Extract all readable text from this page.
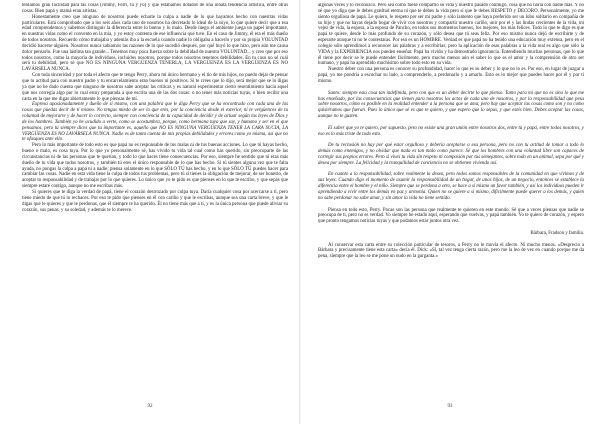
tenIamos gran facilidad para las cosas (Jimmy, Ferri, tú y yo) y que estábamos dotados de una innata tendencia artística, entre otras cosas. Bien papá y mamá eran artistas.

Honestamente creo que ninguno de nosotros puede echarle la culpa a nadie de lo que hayamos hecho con nuestras vidas particulares. Está comprobado que a los seis años cada uno de nosotros ha decretado lo ideal de la suyo, lo que quiere decir que a esa edad comprendemos y sabemos distinguir la diferencia entre lo bueno y lo malo. Desde luego el ambiente juega un papel importante, en nuestras vidas como el convento en la mía, y yo estoy contenta de ese influencia que tuve. En el caso de Jimmy, él era el más dueño de todos nosotros. Recuerdo cómo trabajaba y además iba a la escuela cuando nadie lo obligaba a hacerlo y por su propia VOLUNTAD decidió hacerse alguien. Nosotros nunca sabíamos las razones de lo que sucedió después, por qué huyó lo que hizo, pero aún me causa dolor pensarlo. Fue una lástima tan grande... Tenemos muy poca fuerza sobre la debilidad de nuestra VOLUNTAD... y creo que por eso todos nosotros, como la mayoría de individuos, incluidos nosotros, porque todos nosotros tenemos debilidades. En tu caso no sé cuál será tu debilidad, pero sé que NO ES NINGUNA VERGÜENZA TENERLA, LA VERGÜENZA ES LA VERGÜENZA ES NO LAVÁRSELA NUNCA.

Con toda sinceridad y por toda el afecto que te tengo Perry, ahora mi único hermano y el tío de mis hijos, no puedo dejar de pensar que tu actitud para con nuestro padre y tu encarcelamiento eran buenos ni positivos. Si te crees que lo dijo, será mejor que se lo digas ya que no he dado cuenta que ninguno de nosotros sabe aceptar las críticas y es natural experimentar cierto resentimiento hacia aquel que nos corregía algo por lo cual estoy preparada a que escrita una de las dos cosas: o no tener más noticias tuyas, o bien recibir una carta en la que me digas abiertamente lo que piensas de mí.

Expresa apasionadamente y dueño de sí mismo, con una palabra que le diga Perry que se ha encontrado con cada una de las cosas que puedas decir de ti mismo. No tengas miedo de ser lo que eres, por la conciencia desde el exterior, ni te vergüences de tu voluntad de mejorarte y de hacer lo correcto, siempre con conciencia de tu capacidad de decidir y de actuar según las leyes de Dios y de los hombres. También yo he acudido a verte, como se acostumbra, porque, como hermana tuya que soy, y humano y ser en el que pensamos, pero tú siempre dices que tu importante es, aquello que NO ES NINGUNA VERGÜENZA TENER LA CARA SUCIA, LA VERGÜENZA ES NO LAVÁRSELA NUNCA. Nadie es de tanta cuenta de mis propias debilidades y errores como yo misma, así que no te ofusques ante ello.

Pero lo más importante de todo esto es que papá no es responsable de tus malas ni de tus buenas acciones. Lo que tú hayas hecho, bueno o malo, es cosa tuya. Por lo que yo personalmente sé, has vivido tu vida tal cual como has querido, sin preocuparte de las circunstancias ni de las personas que te querían, y todo lo que haces tiene consecuencias. Por eso, siempre he sentido que tú eras más dueño de tu vida que todos nosotros, y también tú eres el único responsable de lo que has hecho. Si tú sientes alguna vez que te falta ayuda, no pongas la culpa a papá ni a nadie; piensa solamente en lo que SÓLO TÚ has hecho, y en lo que SÓLO TÚ puedes hacer para cambiar las cosas. Nadie en esta vida tiene la culpa de todos tus problemas, pero tú sí tienes la obligación de mejorar, de ser honesto, de aceptar tu responsabilidad y de trabajar por lo que quieres. Lo único que yo te pido es que pienses en lo que te escribo, y que sepas que siempre estaré contigo, aunque no me escribas más.

Si quieres que te diga la verdad de papá, tiene el corazón destrozado por culpa tuya. Daría cualquier cosa por acercarse a ti, pero tiene miedo de que tú lo rechaces. Por eso te pido que pienses en él con cariño y que le escribas, aunque sea una carta breve, y que le digas que le quieres y que le perdonas, que él siempre te ha querido. Él no tiene más que a ti, y es la única persona que puede aliviar su corazón, sus penas, y su soledad, y además te lo merece.

92

algunas veces y lo reconozco. Pero sea como fuese compartió su vida y nuestro pasado conmigo, cosa que no haría con nadie más. Y no sé que yo diga que le debes gratitud eterna ni que te debes la vida pero sí que le debes RESPETO y DECORO. Personalmente, yo me siento orgullosa de papá. Le quiero, le respeto por ser mi padre y sólo lamento que haya preferido ser un lobo solitario en compañía de su hijo y que no hayas dejado hogar de vivir con nosotros y compartir nuestro cariño, unir por el y las lindas crecientes de la vida, mi vejez de vida, la esposa, a la esposa de Pancho, en todos sus momentos buenos, los mejores, los más felices. Todo lo que te digo es que papá te quiere, desde lo más profundo de su corazón, y sólo desea que tú seas feliz. Por eso mismo nunca dejó de escribirte y de esperarte aunque tú no le contestaras. Por eso es un HOMBRE. Verdad es que papá no ha tenido una educación muy extensa, pero en el colegio sólo aprendimos a reconocer las palabras y a escribirlas; pero la aplicación de esas palabras a la vida real es algo que sólo la VIDA y la EXPERIENCIA nos pueden enseñar. Papá ha vivido y ha demostrado ignorancia. Entendiendo muchas personas, que lo que él tiene por decir se le puede entender fácilmente, pero mucho menos aún el saber lo que es el amor y la comprensión de otro ser humano, y papá ha aprendido muchísimo sobre todo esto en su vida.

Nuestro deber con una persona es conocer su profundidad, hacer lo que es su deber y lo que no lo es. Por eso, en lugar de juzgar a papá, yo me pondría a escuchar su lado, a comprenderlo, a perdonarlo y a amarlo. Esto es lo mejor que puedes hacer por él y por ti mismo.

Santo: siempre esta cosa tan indefinida, pero con que es un deber decirte lo que pienso. Tanto para mí que no es sino lo que me has enseñado, por las consecuencias que tienen para nosotros los actos de cada uno de nosotros, y por la responsabilidad que pesa sobre nosotros, cómo es posible en la realidad entender a la persona que se ama, pero hay que aceptar las cosas como son y no como quisiéramos que fueran. Pues lo único que sé es que te quiero, y que espero que lo sepas, y que estés bien. Debes aceptar las cosas, aunque no te gusten.

El saber que yo te quiero, por supuesto, pero no existe una gran unión entre nosotros dos, entre tú y papá, entre todos nosotros, y eso es lo más triste de todo esto.

De tu reclusión no hay por qué estar orgulloso y debería aceptarse a esa persona, pero no con tu actitud de tomar a todo lo demás como enemigos, y no olvidar que nada es tan malo como parece. Sé que los hombres con una voluntad libre son capaces de corregir sus propios errores. Pero si vives tu vida sin respeto ni compasión por tus semejantes, sobre todo en un animal, sepa por qué y desea por siempre. La felicidad y la tranquilidad de conciencia no se obtienen viviendo así.

En cuanto a la responsabilidad, sobre realmente la desea, pero todos somos responsables de la comunidad en que vivimos y de sus leyes. Cuando digo el momento de asumir la responsabilidad de un hogar, de unos hijos, de un negocio, entonces se establece la diferencia entre el hombre y el niño. Siempre que se perdona a otro, se hace a sí mismo un favor también, y así los individuos pueden ir aprendiendo a vivir entre los demás en paz y armonía. Quien no se quiere a sí mismo, difícilmente puede querer a los demás, y quien no sabe perdonar no sabe amar, y sin amor la vida no tiene sentido.

Piensa en todo esto, Perry. Pocas son las persona que realmente te quieren en este mundo. Sé que a veces piensas que nadie se preocupa de ti, pero no es verdad. Yo siempre he estado aquí, esperando que vuelvas, y papá también. Yo te quiero de corazón, y espero que pronto tengamos noticias tuyas y que podamos estar juntos otra vez.

Bárbara, Fradson y familia.

Al conservar esta carta entre su colección particular de tesoros, a Perry no le movía el afecto. Ni mucho menos. «Desprecio a Bárbara y precisamente tiene esta carta» decía él. Dick: «Sí, tal vez tenga cierta razón, pero me la leo de vez en cuando porque me da pena, siempre que la leo se me pone un nudo en la garganta.»

93
